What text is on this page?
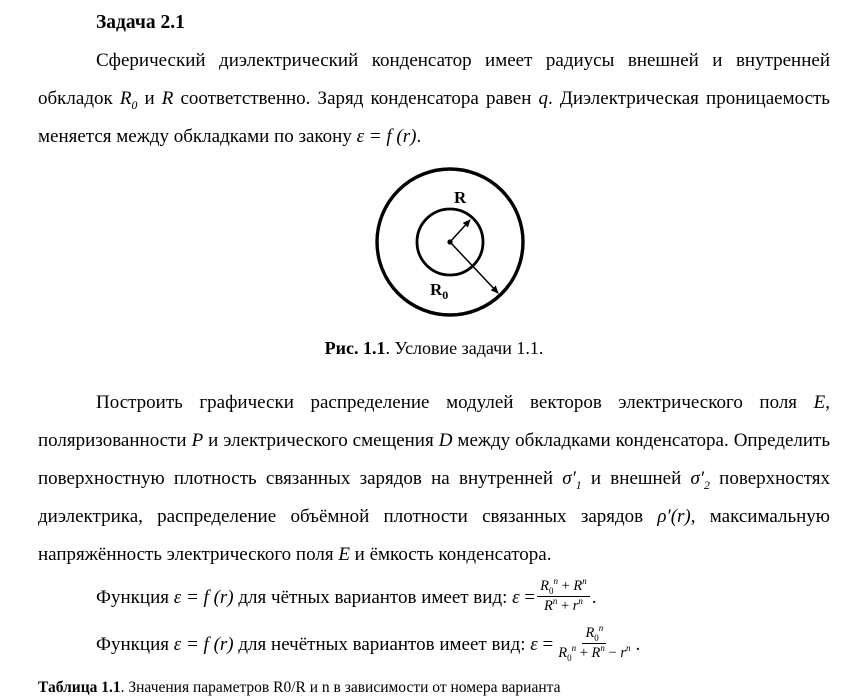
Задача 2.1

Сферический диэлектрический конденсатор имеет радиусы внешней и внутренней обкладок $R_0$ и R соответственно. Заряд конденсатора равен q. Диэлектрическая проницаемость меняется между обкладками по закону ε = f (r).

R
$R_0$
Рис. 1.1. Условие задачи 1.1.

Построить графически распределение модулей векторов электрического поля E, поляризованности P и электрического смещения D между обкладками конденсатора. Определить поверхностную плотность связанных зарядов на внутренней $\sigma'_1$ и внешней $\sigma'_2$ поверхностях диэлектрика, распределение объёмной плотности связанных зарядов ρ′(r), максимальную напряжённость электрического поля E и ёмкость конденсатора.

Функция ε = f (r) для чётных вариантов имеет вид: $\varepsilon = \frac{R_0^n + R^n}{R^n + r^n}$ .

Функция ε = f (r) для нечётных вариантов имеет вид: $\varepsilon = \frac{R_0^n}{R_0^n + R^n - r^n}$ .

Таблица 1.1. Значения параметров R0/R и n в зависимости от номера варианта
